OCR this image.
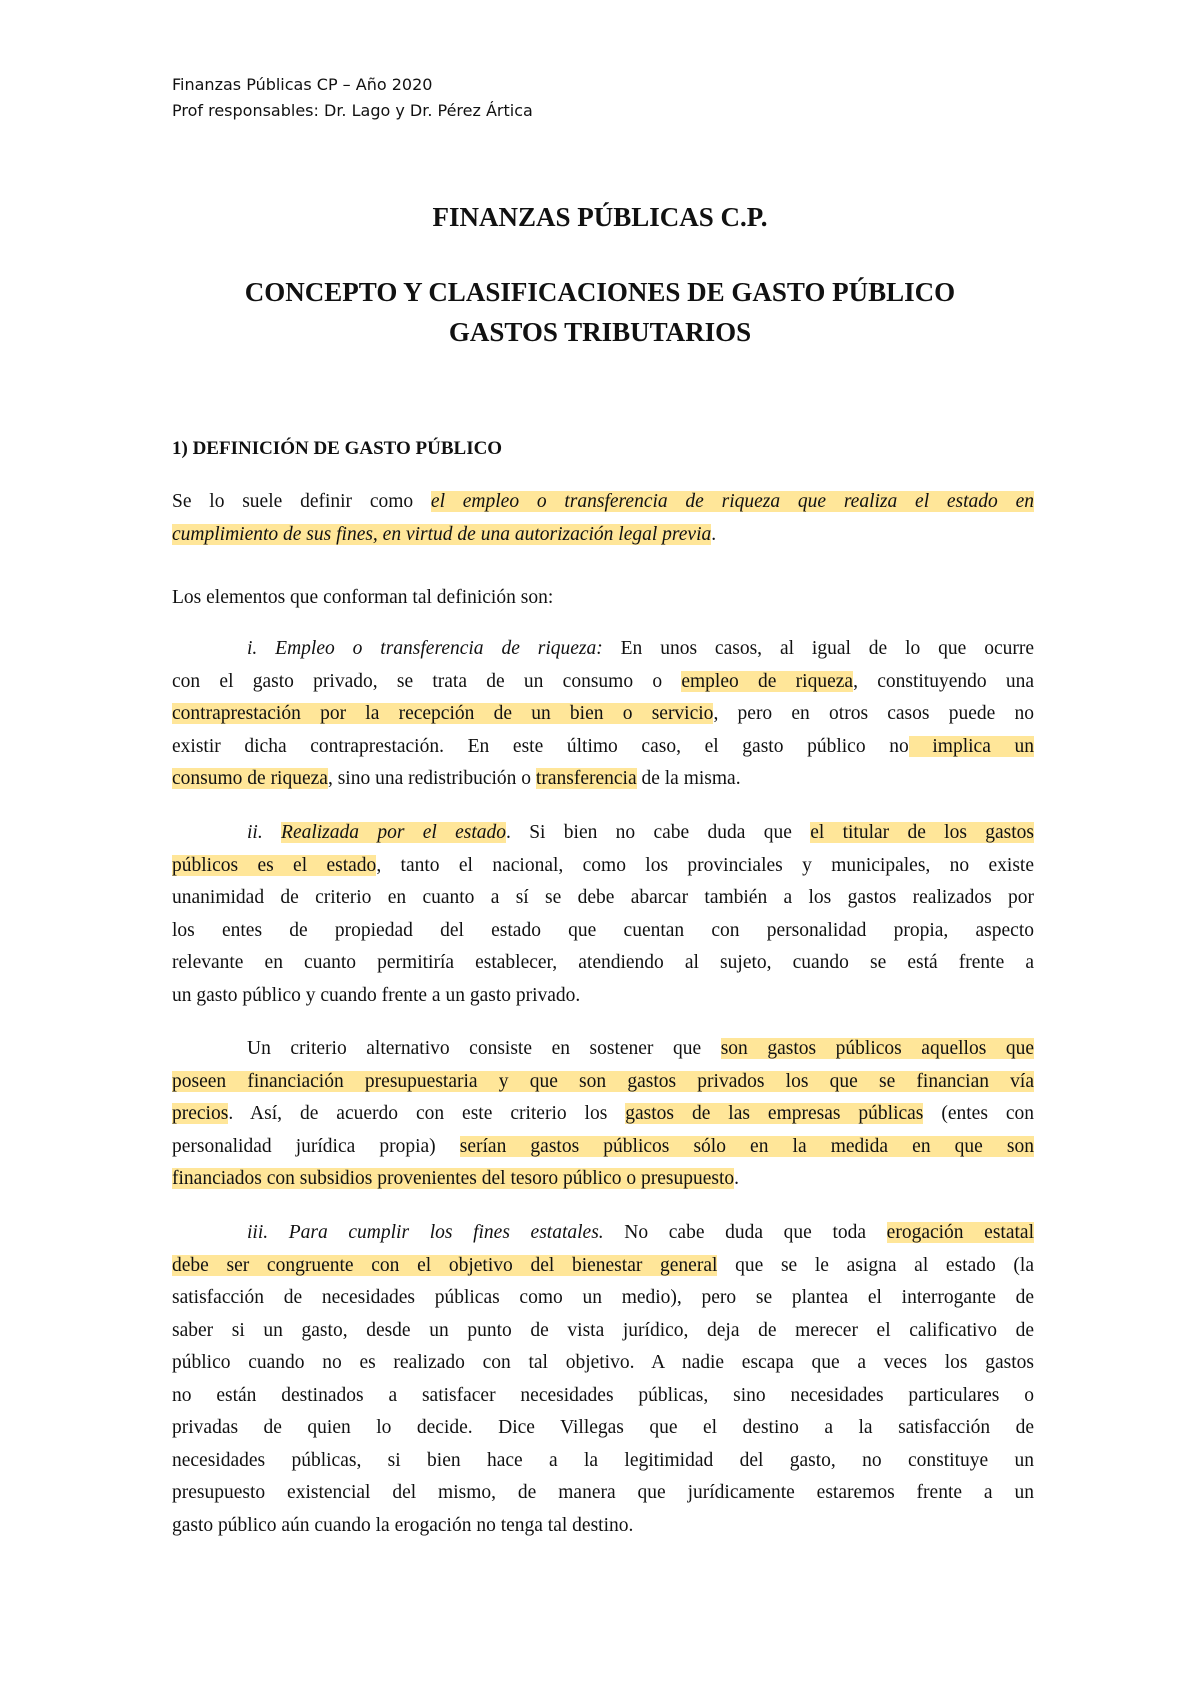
Finanzas Públicas CP – Año 2020
Prof responsables: Dr. Lago y Dr. Pérez Ártica
FINANZAS PÚBLICAS C.P.
CONCEPTO Y CLASIFICACIONES DE GASTO PÚBLICO
GASTOS TRIBUTARIOS
1) DEFINICIÓN DE GASTO PÚBLICO
Se lo suele definir como el empleo o transferencia de riqueza que realiza el estado en
cumplimiento de sus fines, en virtud de una autorización legal previa.
Los elementos que conforman tal definición son:
i. Empleo o transferencia de riqueza: En unos casos, al igual de lo que ocurre
con el gasto privado, se trata de un consumo o empleo de riqueza, constituyendo una
contraprestación por la recepción de un bien o servicio, pero en otros casos puede no
existir dicha contraprestación. En este último caso, el gasto público no implica un
consumo de riqueza, sino una redistribución o transferencia de la misma.
ii. Realizada por el estado. Si bien no cabe duda que el titular de los gastos
públicos es el estado, tanto el nacional, como los provinciales y municipales, no existe
unanimidad de criterio en cuanto a sí se debe abarcar también a los gastos realizados por
los entes de propiedad del estado que cuentan con personalidad propia, aspecto
relevante en cuanto permitiría establecer, atendiendo al sujeto, cuando se está frente a
un gasto público y cuando frente a un gasto privado.
Un criterio alternativo consiste en sostener que son gastos públicos aquellos que
poseen financiación presupuestaria y que son gastos privados los que se financian vía
precios. Así, de acuerdo con este criterio los gastos de las empresas públicas (entes con
personalidad jurídica propia) serían gastos públicos sólo en la medida en que son
financiados con subsidios provenientes del tesoro público o presupuesto.
iii. Para cumplir los fines estatales. No cabe duda que toda erogación estatal
debe ser congruente con el objetivo del bienestar general que se le asigna al estado (la
satisfacción de necesidades públicas como un medio), pero se plantea el interrogante de
saber si un gasto, desde un punto de vista jurídico, deja de merecer el calificativo de
público cuando no es realizado con tal objetivo. A nadie escapa que a veces los gastos
no están destinados a satisfacer necesidades públicas, sino necesidades particulares o
privadas de quien lo decide. Dice Villegas que el destino a la satisfacción de
necesidades públicas, si bien hace a la legitimidad del gasto, no constituye un
presupuesto existencial del mismo, de manera que jurídicamente estaremos frente a un
gasto público aún cuando la erogación no tenga tal destino.
